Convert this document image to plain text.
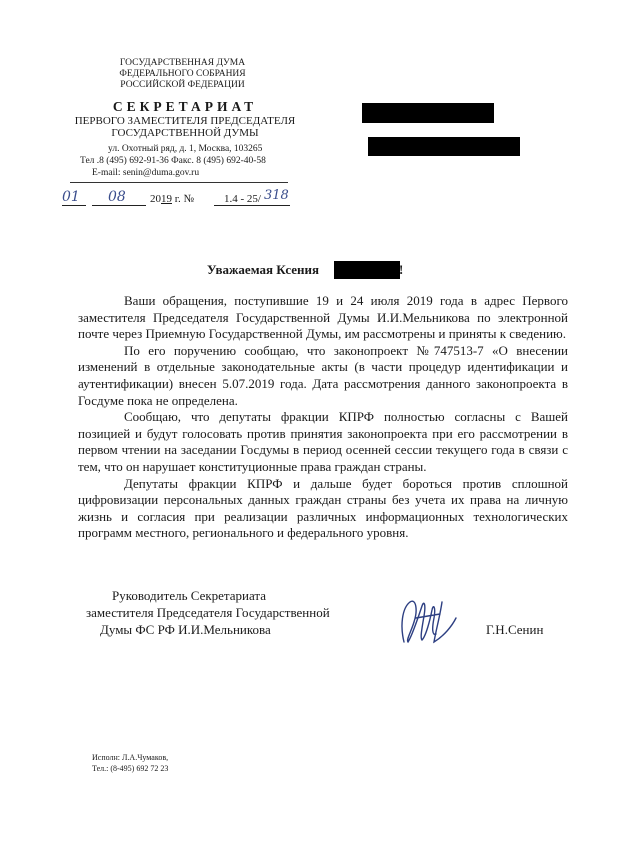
ГОСУДАРСТВЕННАЯ ДУМА
ФЕДЕРАЛЬНОГО СОБРАНИЯ
РОССИЙСКОЙ ФЕДЕРАЦИИ
СЕКРЕТАРИАТ
ПЕРВОГО ЗАМЕСТИТЕЛЯ ПРЕДСЕДАТЕЛЯ
ГОСУДАРСТВЕННОЙ ДУМЫ
ул. Охотный ряд, д. 1, Москва, 103265
Тел .8 (495) 692-91-36 Факс. 8 (495) 692-40-58
E-mail: senin@duma.gov.ru
01 08 2019 г. №	1.4 - 25/ 318
Уважаемая Ксения	!

Ваши обращения, поступившие 19 и 24 июля 2019 года в адрес Первого заместителя Председателя Государственной Думы И.И.Мельникова по электронной почте через Приемную Государственной Думы, им рассмотрены и приняты к сведению.

По его поручению сообщаю, что законопроект №747513-7 «О внесении изменений в отдельные законодательные акты (в части процедур идентификации и аутентификации) внесен 5.07.2019 года. Дата рассмотрения данного законопроекта в Госдуме пока не определена.

Сообщаю, что депутаты фракции КПРФ полностью согласны с Вашей позицией и будут голосовать против принятия законопроекта при его рассмотрении в первом чтении на заседании Госдумы в период осенней сессии текущего года в связи с тем, что он нарушает конституционные права граждан страны.

Депутаты фракции КПРФ и дальше будет бороться против сплошной цифровизации персональных данных граждан страны без учета их права на личную жизнь и согласия при реализации различных информационных технологических программ местного, регионального и федерального уровня.

Руководитель Секретариата
заместителя Председателя Государственной
Думы ФС РФ И.И.Мельникова	Г.Н.Сенин
Исполн: Л.А.Чумаков,
Тел.: (8-495) 692 72 23
